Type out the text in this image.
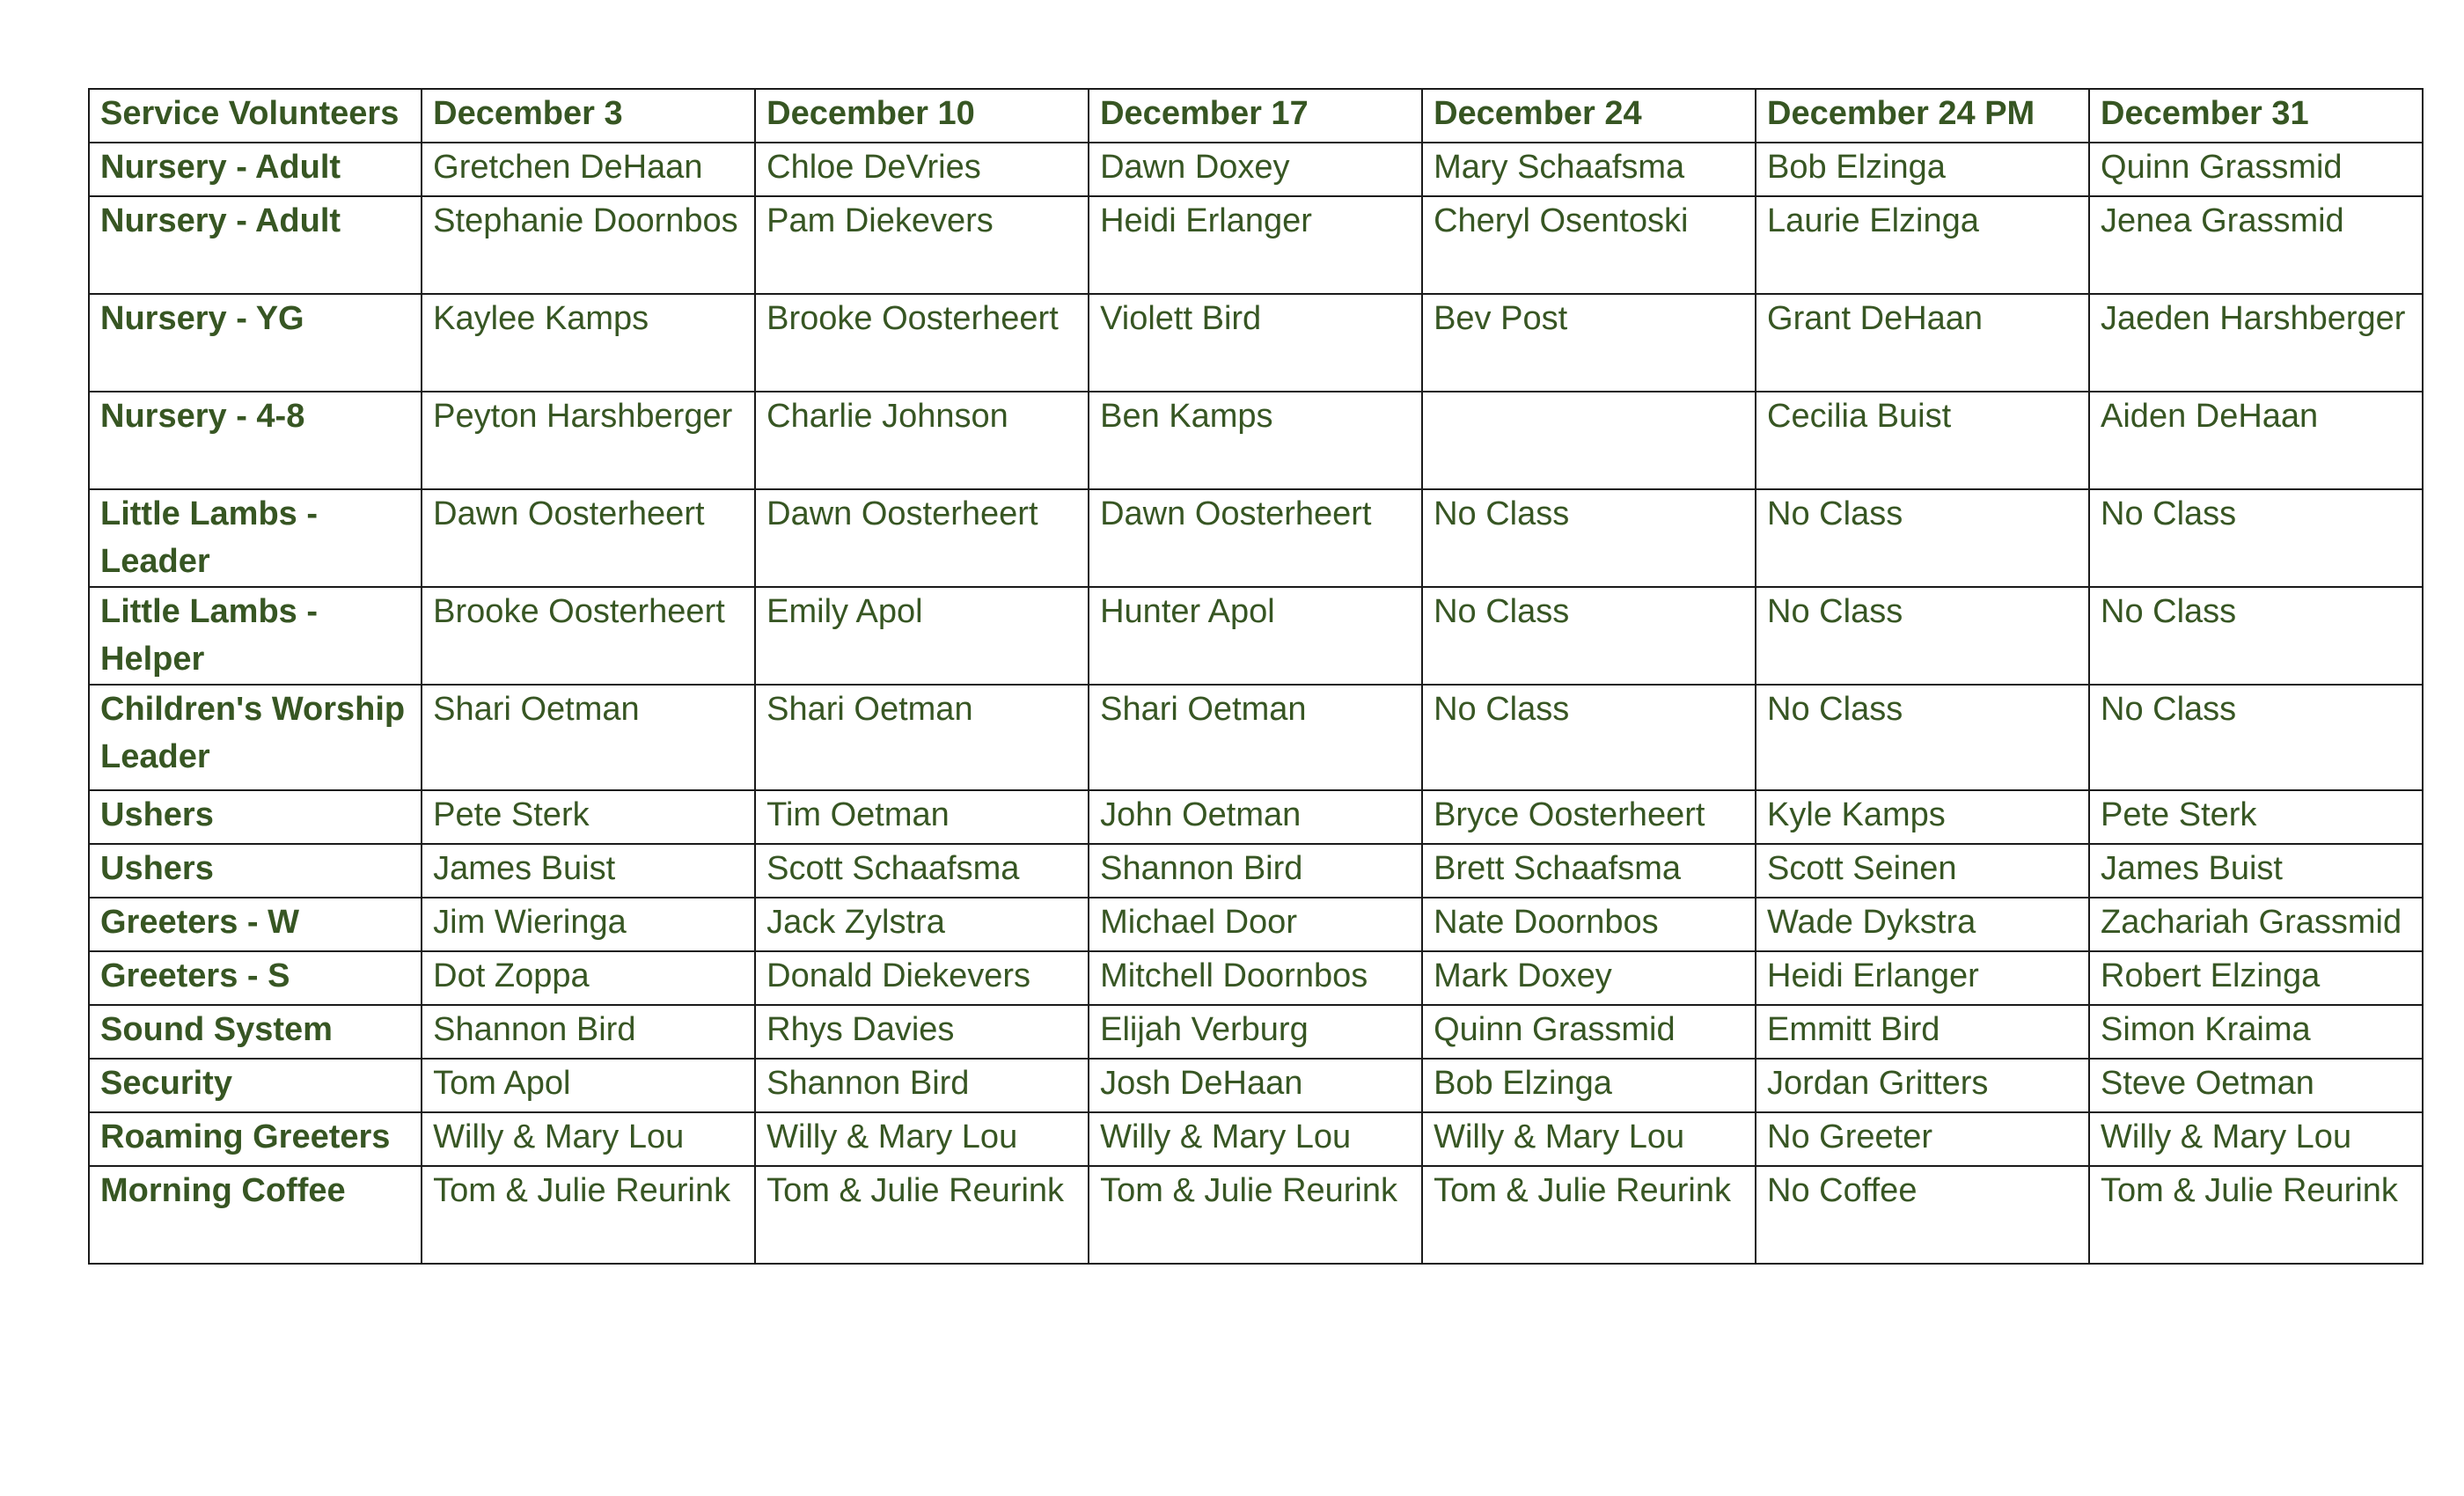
Service Volunteers	December 3	December 10	December 17	December 24	December 24 PM	December 31
Nursery - Adult	Gretchen DeHaan	Chloe DeVries	Dawn Doxey	Mary Schaafsma	Bob Elzinga	Quinn Grassmid
Nursery - Adult	Stephanie Doornbos	Pam Diekevers	Heidi Erlanger	Cheryl Osentoski	Laurie Elzinga	Jenea Grassmid
Nursery - YG	Kaylee Kamps	Brooke Oosterheert	Violett Bird	Bev Post	Grant DeHaan	Jaeden Harshberger
Nursery - 4-8	Peyton Harshberger	Charlie Johnson	Ben Kamps		Cecilia Buist	Aiden DeHaan
Little Lambs - Leader	Dawn Oosterheert	Dawn Oosterheert	Dawn Oosterheert	No Class	No Class	No Class
Little Lambs - Helper	Brooke Oosterheert	Emily Apol	Hunter Apol	No Class	No Class	No Class
Children's Worship Leader	Shari Oetman	Shari Oetman	Shari Oetman	No Class	No Class	No Class
Ushers	Pete Sterk	Tim Oetman	John Oetman	Bryce Oosterheert	Kyle Kamps	Pete Sterk
Ushers	James Buist	Scott Schaafsma	Shannon Bird	Brett Schaafsma	Scott Seinen	James Buist
Greeters - W	Jim Wieringa	Jack Zylstra	Michael Door	Nate Doornbos	Wade Dykstra	Zachariah Grassmid
Greeters - S	Dot Zoppa	Donald Diekevers	Mitchell Doornbos	Mark Doxey	Heidi Erlanger	Robert Elzinga
Sound System	Shannon Bird	Rhys Davies	Elijah Verburg	Quinn Grassmid	Emmitt Bird	Simon Kraima
Security	Tom Apol	Shannon Bird	Josh DeHaan	Bob Elzinga	Jordan Gritters	Steve Oetman
Roaming Greeters	Willy & Mary Lou	Willy & Mary Lou	Willy & Mary Lou	Willy & Mary Lou	No Greeter	Willy & Mary Lou
Morning Coffee	Tom & Julie Reurink	Tom & Julie Reurink	Tom & Julie Reurink	Tom & Julie Reurink	No Coffee	Tom & Julie Reurink
